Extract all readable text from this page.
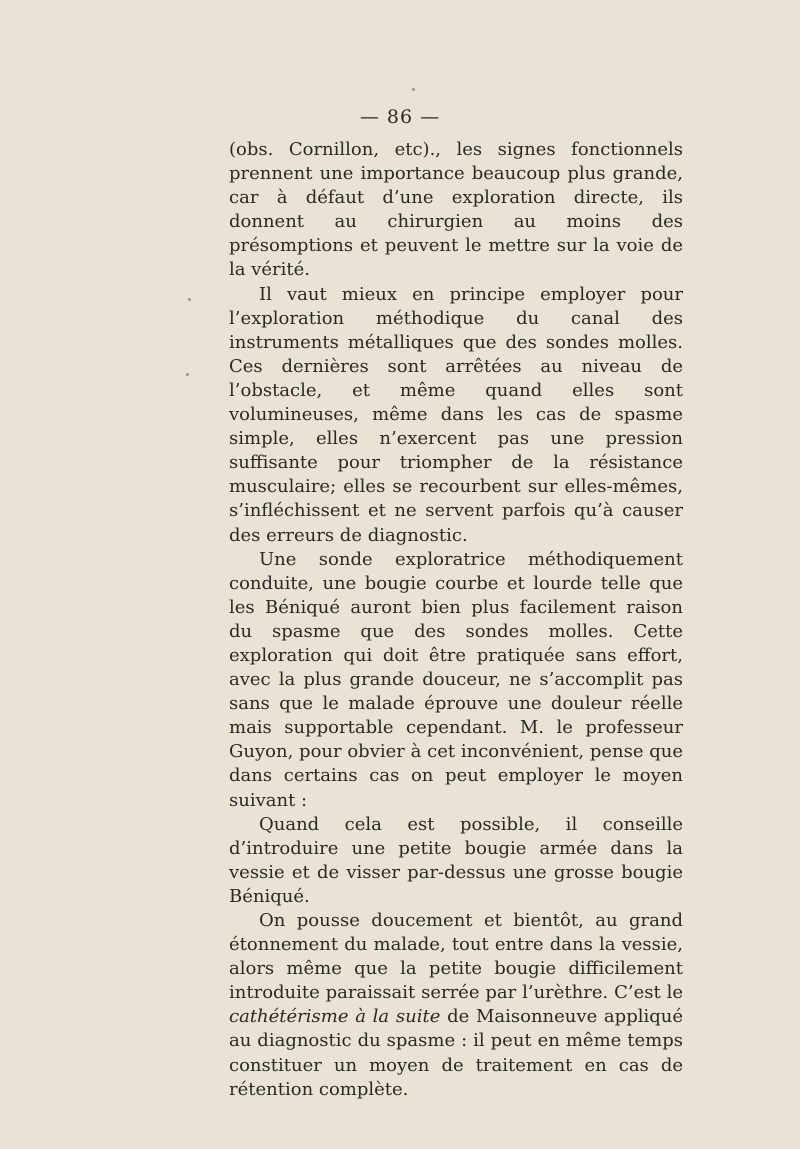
— 86 —

(obs. Cornillon, etc)., les signes fonctionnels prennent une importance beaucoup plus grande, car à défaut d’une exploration directe, ils donnent au chirurgien au moins des présomptions et peuvent le mettre sur la voie de la vérité.

Il vaut mieux en principe employer pour l’exploration méthodique du canal des instruments métalliques que des sondes molles. Ces dernières sont arrêtées au niveau de l’obstacle, et même quand elles sont volumineuses, même dans les cas de spasme simple, elles n’exercent pas une pression suffisante pour triompher de la résistance musculaire; elles se recourbent sur elles-mêmes, s’infléchissent et ne servent parfois qu’à causer des erreurs de diagnostic.

Une sonde exploratrice méthodiquement conduite, une bougie courbe et lourde telle que les Béniqué auront bien plus facilement raison du spasme que des sondes molles. Cette exploration qui doit être pratiquée sans effort, avec la plus grande douceur, ne s’accomplit pas sans que le malade éprouve une douleur réelle mais supportable cependant. M. le professeur Guyon, pour obvier à cet inconvénient, pense que dans certains cas on peut employer le moyen suivant :

Quand cela est possible, il conseille d’introduire une petite bougie armée dans la vessie et de visser par-dessus une grosse bougie Béniqué.

On pousse doucement et bientôt, au grand étonnement du malade, tout entre dans la vessie, alors même que la petite bougie difficilement introduite paraissait serrée par l’urèthre. C’est le cathétérisme à la suite de Maisonneuve appliqué au diagnostic du spasme : il peut en même temps constituer un moyen de traitement en cas de rétention complète.
